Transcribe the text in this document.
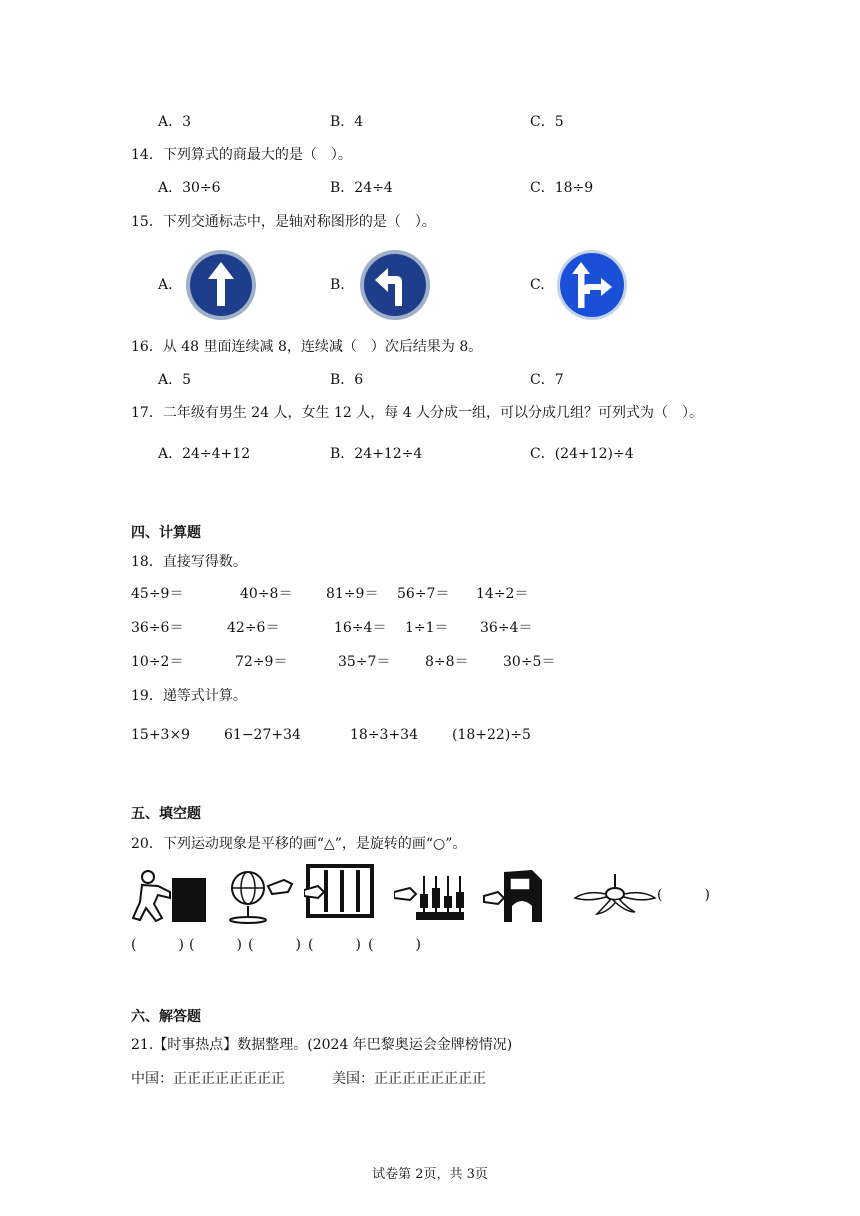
A．3	B．4	C．5
14．下列算式的商最大的是（　）。
A．30÷6	B．24÷4	C．18÷9
15．下列交通标志中，是轴对称图形的是（　）。
A.	B.	C.
16．从 48 里面连续减 8，连续减（　）次后结果为 8。
A．5	B．6	C．7
17．二年级有男生 24 人，女生 12 人，每 4 人分成一组，可以分成几组？可列式为（　）。
A．24÷4+12	B．24+12÷4	C．(24+12)÷4
四、计算题
18．直接写得数。
45÷9＝	40÷8＝ 81÷9＝ 56÷7＝ 14÷2＝
36÷6＝	42÷6＝	16÷4＝ 1÷1＝ 36÷4＝
10÷2＝	72÷9＝	35÷7＝ 8÷8＝ 30÷5＝
19．递等式计算。
15+3×9 61−27+34	18÷3+34 (18+22)÷5
五、填空题
20．下列运动现象是平移的画“△”，是旋转的画“○”。
(　　　)
(　　　) (　　　) (　　　) (　　　) (　　　)
六、解答题
21.【时事热点】数据整理。(2024 年巴黎奥运会金牌榜情况)
中国：正正正正正正正正	美国：正正正正正正正正
试卷第 2页，共 3页
